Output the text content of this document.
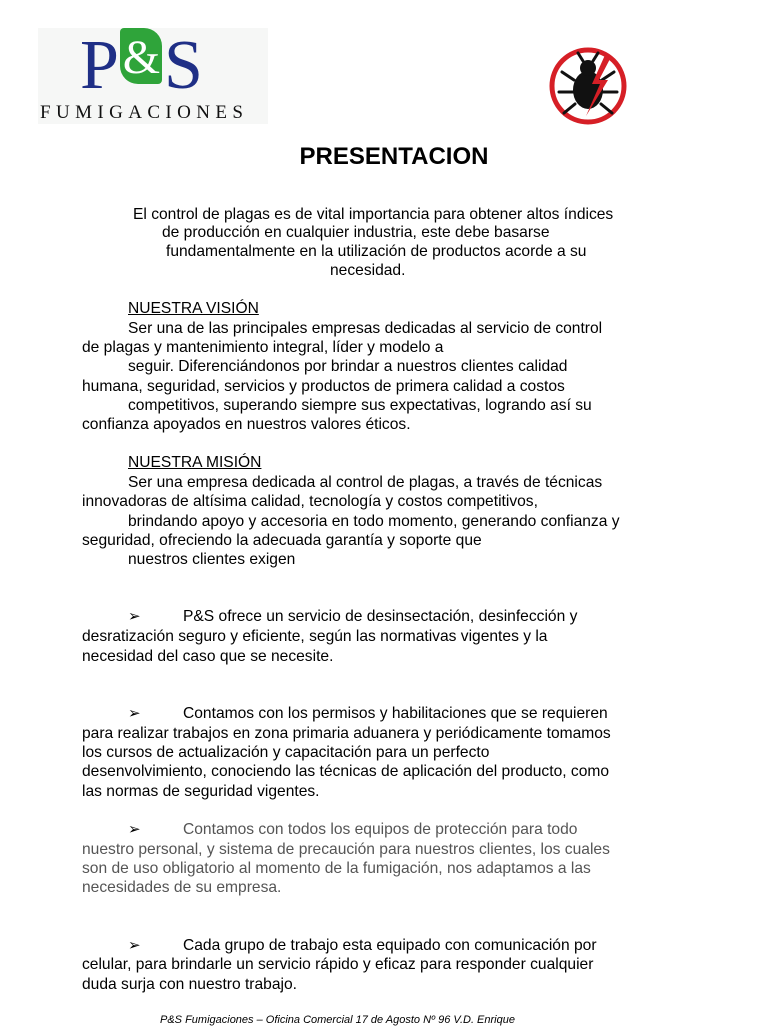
P & S
FUMIGACIONES
PRESENTACION
El control de plagas es de vital importancia para obtener altos índices
de producción en cualquier industria, este debe basarse
fundamentalmente en la utilización de productos acorde a su
necesidad.
NUESTRA VISIÓN
Ser una de las principales empresas dedicadas al servicio de control
de plagas y mantenimiento integral, líder y modelo a
seguir. Diferenciándonos por brindar a nuestros clientes calidad
humana, seguridad, servicios y productos de primera calidad a costos
competitivos, superando siempre sus expectativas, logrando así su
confianza apoyados en nuestros valores éticos.
NUESTRA MISIÓN
Ser una empresa dedicada al control de plagas, a través de técnicas
innovadoras de altísima calidad, tecnología y costos competitivos,
brindando apoyo y accesoria en todo momento, generando confianza y
seguridad, ofreciendo la adecuada garantía y soporte que
nuestros clientes exigen
➢	P&S ofrece un servicio de desinsectación, desinfección y
desratización seguro y eficiente, según las normativas vigentes y la
necesidad del caso que se necesite.
➢	Contamos con los permisos y habilitaciones que se requieren
para realizar trabajos en zona primaria aduanera y periódicamente tomamos
los cursos de actualización y capacitación para un perfecto
desenvolvimiento, conociendo las técnicas de aplicación del producto, como
las normas de seguridad vigentes.
➢	Contamos con todos los equipos de protección para todo
nuestro personal, y sistema de precaución para nuestros clientes, los cuales
son de uso obligatorio al momento de la fumigación, nos adaptamos a las
necesidades de su empresa.
➢	Cada grupo de trabajo esta equipado con comunicación por
celular, para brindarle un servicio rápido y eficaz para responder cualquier
duda surja con nuestro trabajo.
P&S Fumigaciones – Oficina Comercial 17 de Agosto Nº 96 V.D. Enrique
